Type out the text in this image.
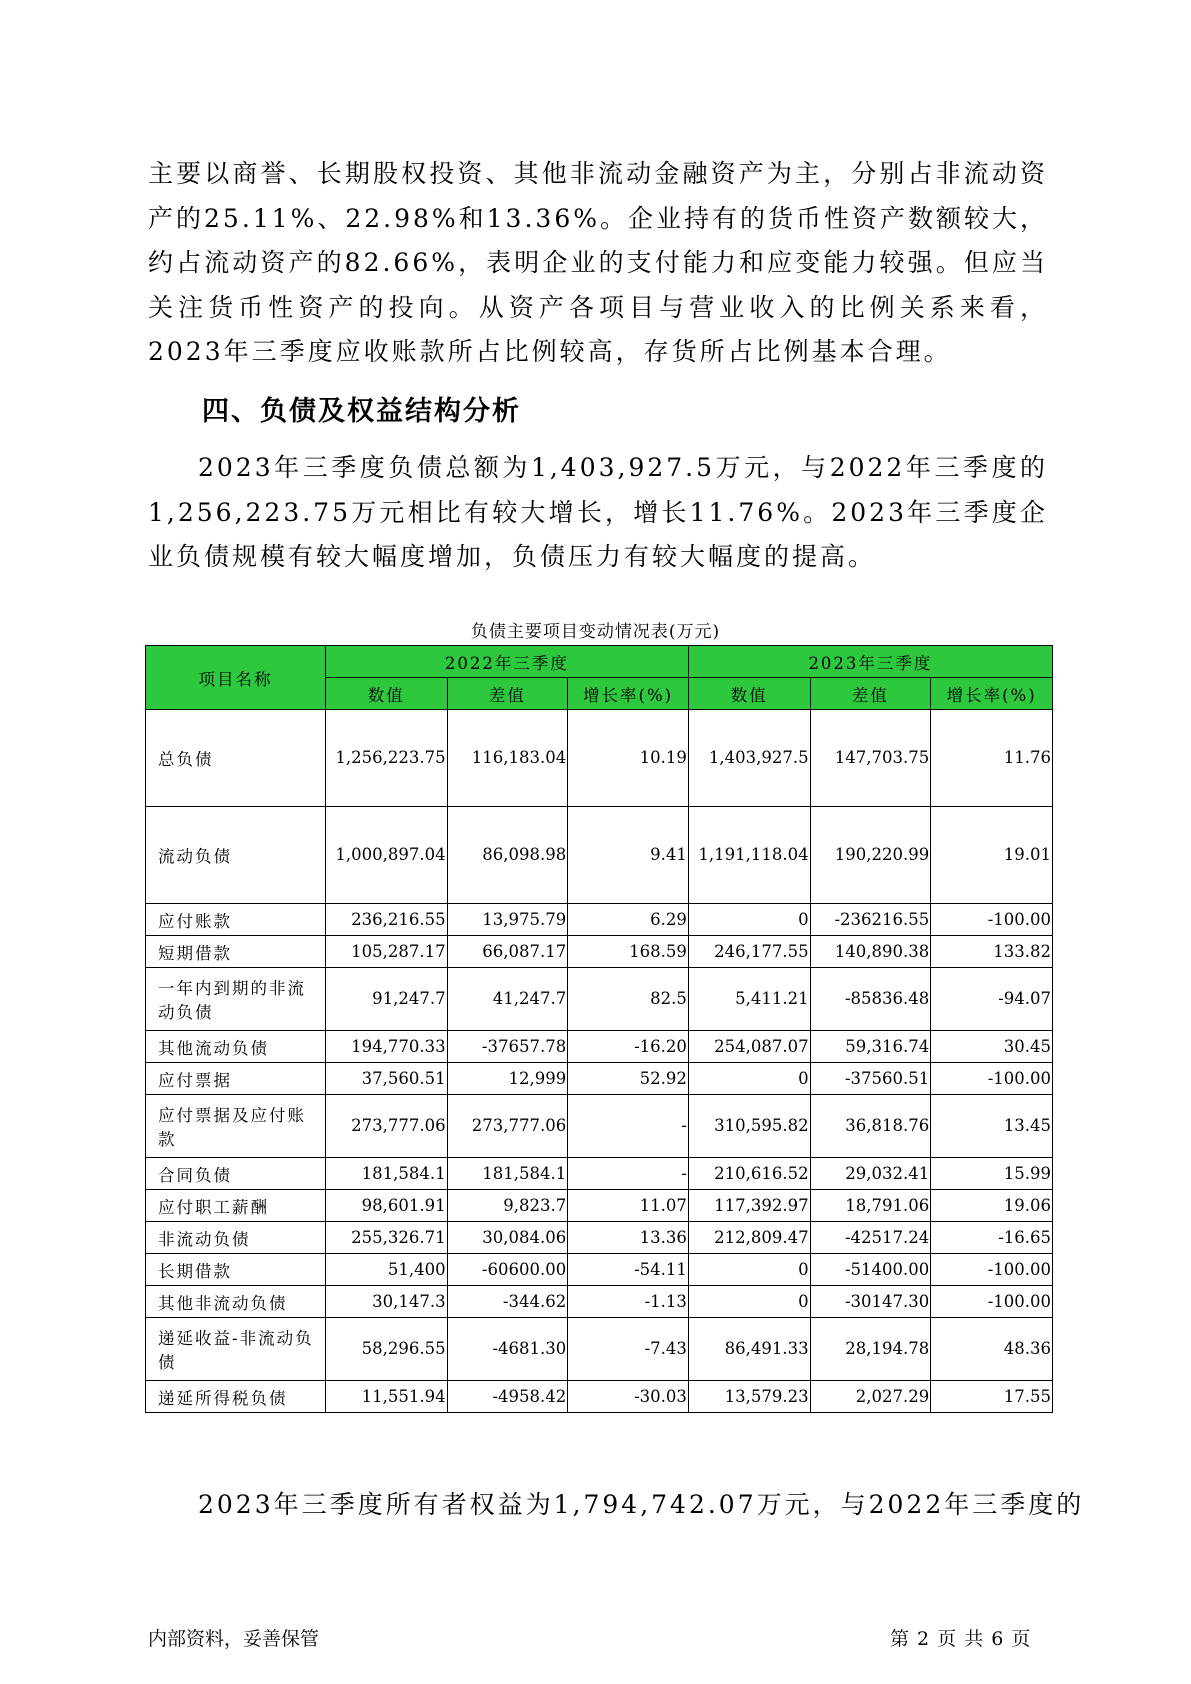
主要以商誉、长期股权投资、其他非流动金融资产为主，分别占非流动资产的25.11%、22.98%和13.36%。企业持有的货币性资产数额较大，约占流动资产的82.66%，表明企业的支付能力和应变能力较强。但应当关注货币性资产的投向。从资产各项目与营业收入的比例关系来看，2023年三季度应收账款所占比例较高，存货所占比例基本合理。
四、负债及权益结构分析
2023年三季度负债总额为1,403,927.5万元，与2022年三季度的1,256,223.75万元相比有较大增长，增长11.76%。2023年三季度企业负债规模有较大幅度增加，负债压力有较大幅度的提高。
负债主要项目变动情况表(万元)
项目名称	2022年三季度			2023年三季度		
	数值	差值	增长率(%)	数值	差值	增长率(%)
总负债	1,256,223.75	116,183.04	10.19	1,403,927.5	147,703.75	11.76
流动负债	1,000,897.04	86,098.98	9.41	1,191,118.04	190,220.99	19.01
应付账款	236,216.55	13,975.79	6.29	0	-236216.55	-100.00
短期借款	105,287.17	66,087.17	168.59	246,177.55	140,890.38	133.82
一年内到期的非流动负债	91,247.7	41,247.7	82.5	5,411.21	-85836.48	-94.07
其他流动负债	194,770.33	-37657.78	-16.20	254,087.07	59,316.74	30.45
应付票据	37,560.51	12,999	52.92	0	-37560.51	-100.00
应付票据及应付账款	273,777.06	273,777.06	-	310,595.82	36,818.76	13.45
合同负债	181,584.1	181,584.1	-	210,616.52	29,032.41	15.99
应付职工薪酬	98,601.91	9,823.7	11.07	117,392.97	18,791.06	19.06
非流动负债	255,326.71	30,084.06	13.36	212,809.47	-42517.24	-16.65
长期借款	51,400	-60600.00	-54.11	0	-51400.00	-100.00
其他非流动负债	30,147.3	-344.62	-1.13	0	-30147.30	-100.00
递延收益-非流动负债	58,296.55	-4681.30	-7.43	86,491.33	28,194.78	48.36
递延所得税负债	11,551.94	-4958.42	-30.03	13,579.23	2,027.29	17.55
2023年三季度所有者权益为1,794,742.07万元，与2022年三季度的
内部资料，妥善保管	第 2 页 共 6 页
